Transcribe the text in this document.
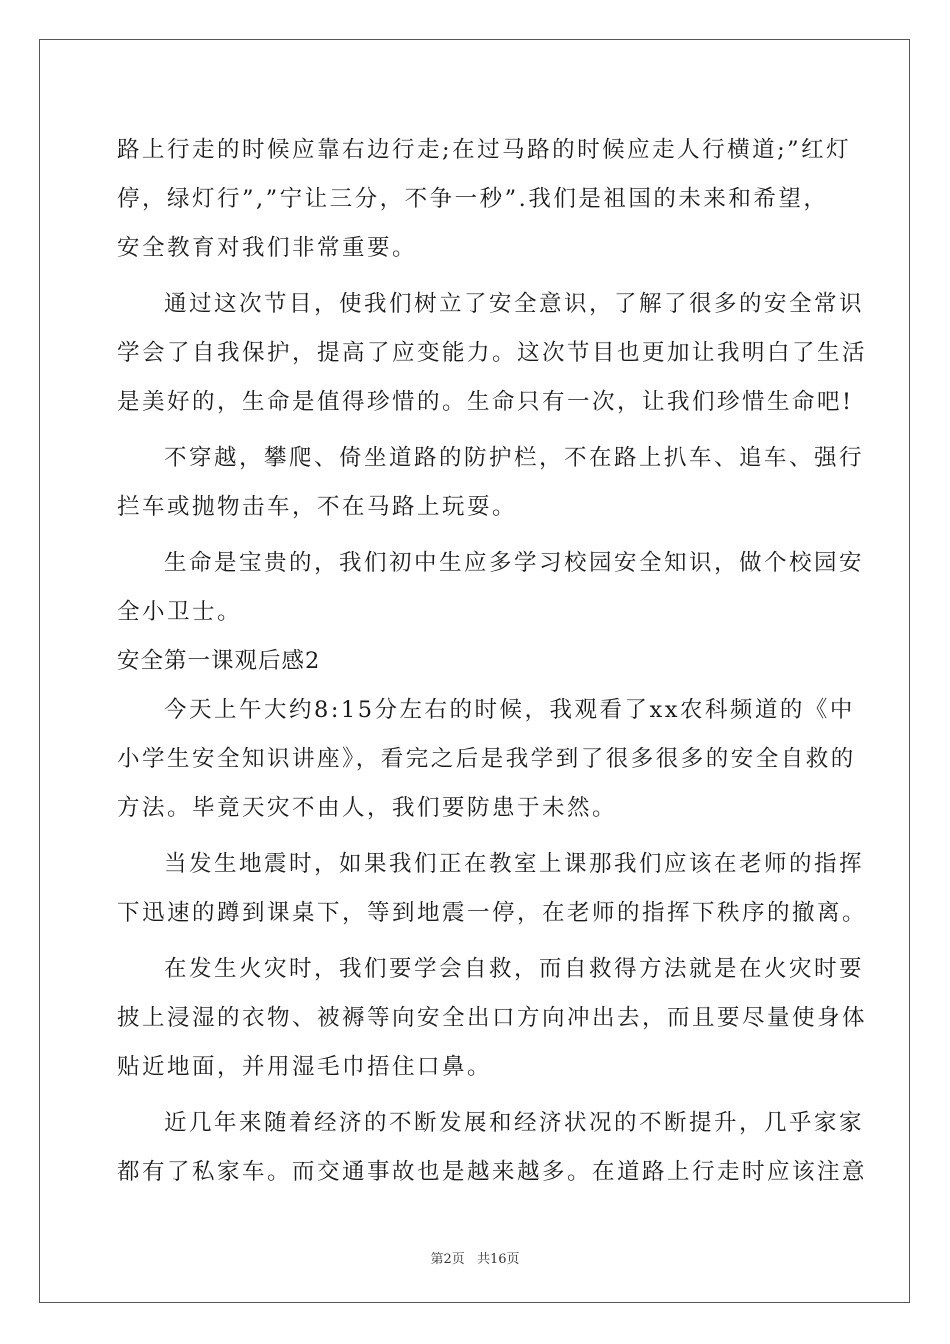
路上行走的时候应靠右边行走;在过马路的时候应走人行横道;”红灯
停，绿灯行”,”宁让三分，不争一秒”.我们是祖国的未来和希望，
安全教育对我们非常重要。
通过这次节目，使我们树立了安全意识，了解了很多的安全常识
学会了自我保护，提高了应变能力。这次节目也更加让我明白了生活
是美好的，生命是值得珍惜的。生命只有一次，让我们珍惜生命吧!
不穿越，攀爬、倚坐道路的防护栏，不在路上扒车、追车、强行
拦车或抛物击车，不在马路上玩耍。
生命是宝贵的，我们初中生应多学习校园安全知识，做个校园安
全小卫士。
安全第一课观后感2
今天上午大约8:15分左右的时候，我观看了xx农科频道的《中
小学生安全知识讲座》，看完之后是我学到了很多很多的安全自救的
方法。毕竟天灾不由人，我们要防患于未然。
当发生地震时，如果我们正在教室上课那我们应该在老师的指挥
下迅速的蹲到课桌下，等到地震一停，在老师的指挥下秩序的撤离。
在发生火灾时，我们要学会自救，而自救得方法就是在火灾时要
披上浸湿的衣物、被褥等向安全出口方向冲出去，而且要尽量使身体
贴近地面，并用湿毛巾捂住口鼻。
近几年来随着经济的不断发展和经济状况的不断提升，几乎家家
都有了私家车。而交通事故也是越来越多。在道路上行走时应该注意
第2页 共16页
